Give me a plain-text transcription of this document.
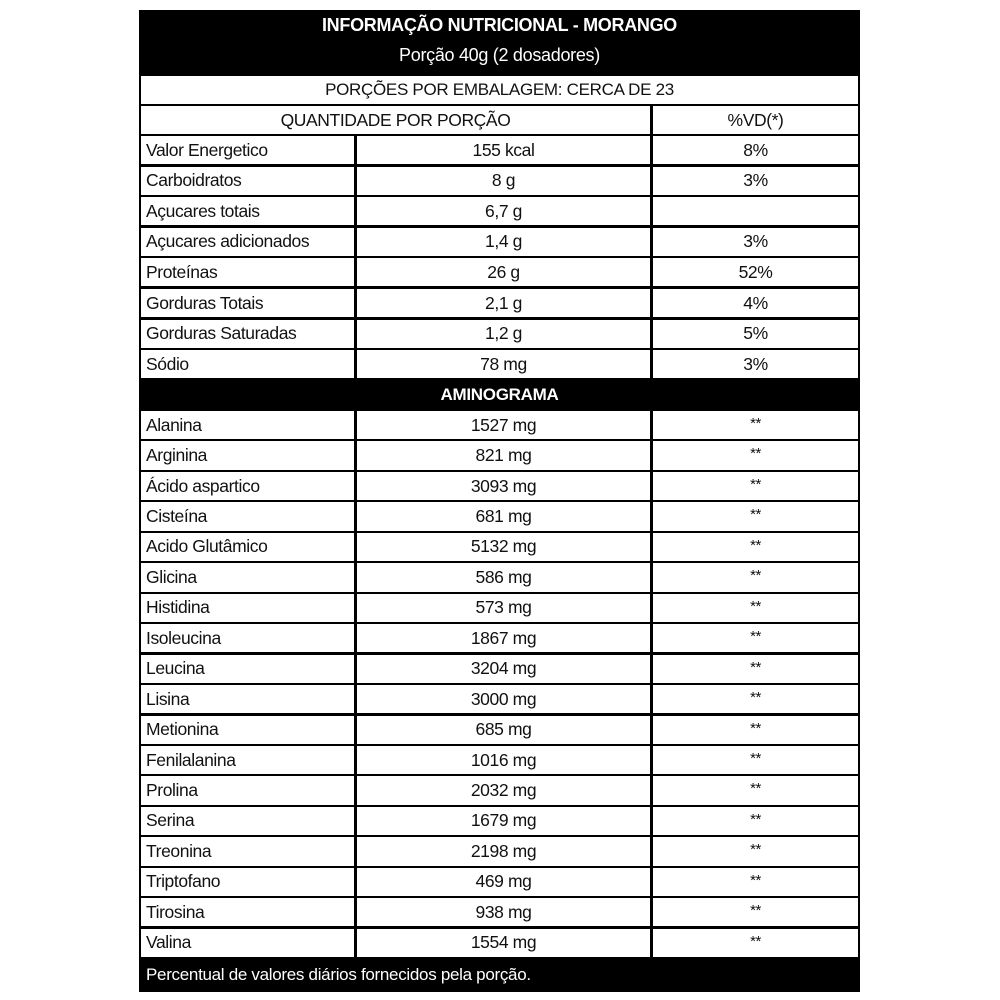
INFORMAÇÃO NUTRICIONAL - MORANGO
Porção 40g (2 dosadores)
PORÇÕES POR EMBALAGEM: CERCA DE 23
QUANTIDADE POR PORÇÃO	%VD(*)
Valor Energetico	155 kcal	8%
Carboidratos	8 g	3%
Açucares totais	6,7 g
Açucares adicionados	1,4 g	3%
Proteínas	26 g	52%
Gorduras Totais	2,1 g	4%
Gorduras Saturadas	1,2 g	5%
Sódio	78 mg	3%
AMINOGRAMA
Alanina	1527 mg	**
Arginina	821 mg	**
Ácido aspartico	3093 mg	**
Cisteína	681 mg	**
Acido Glutâmico	5132 mg	**
Glicina	586 mg	**
Histidina	573 mg	**
Isoleucina	1867 mg	**
Leucina	3204 mg	**
Lisina	3000 mg	**
Metionina	685 mg	**
Fenilalanina	1016 mg	**
Prolina	2032 mg	**
Serina	1679 mg	**
Treonina	2198 mg	**
Triptofano	469 mg	**
Tirosina	938 mg	**
Valina	1554 mg	**
Percentual de valores diários fornecidos pela porção.
